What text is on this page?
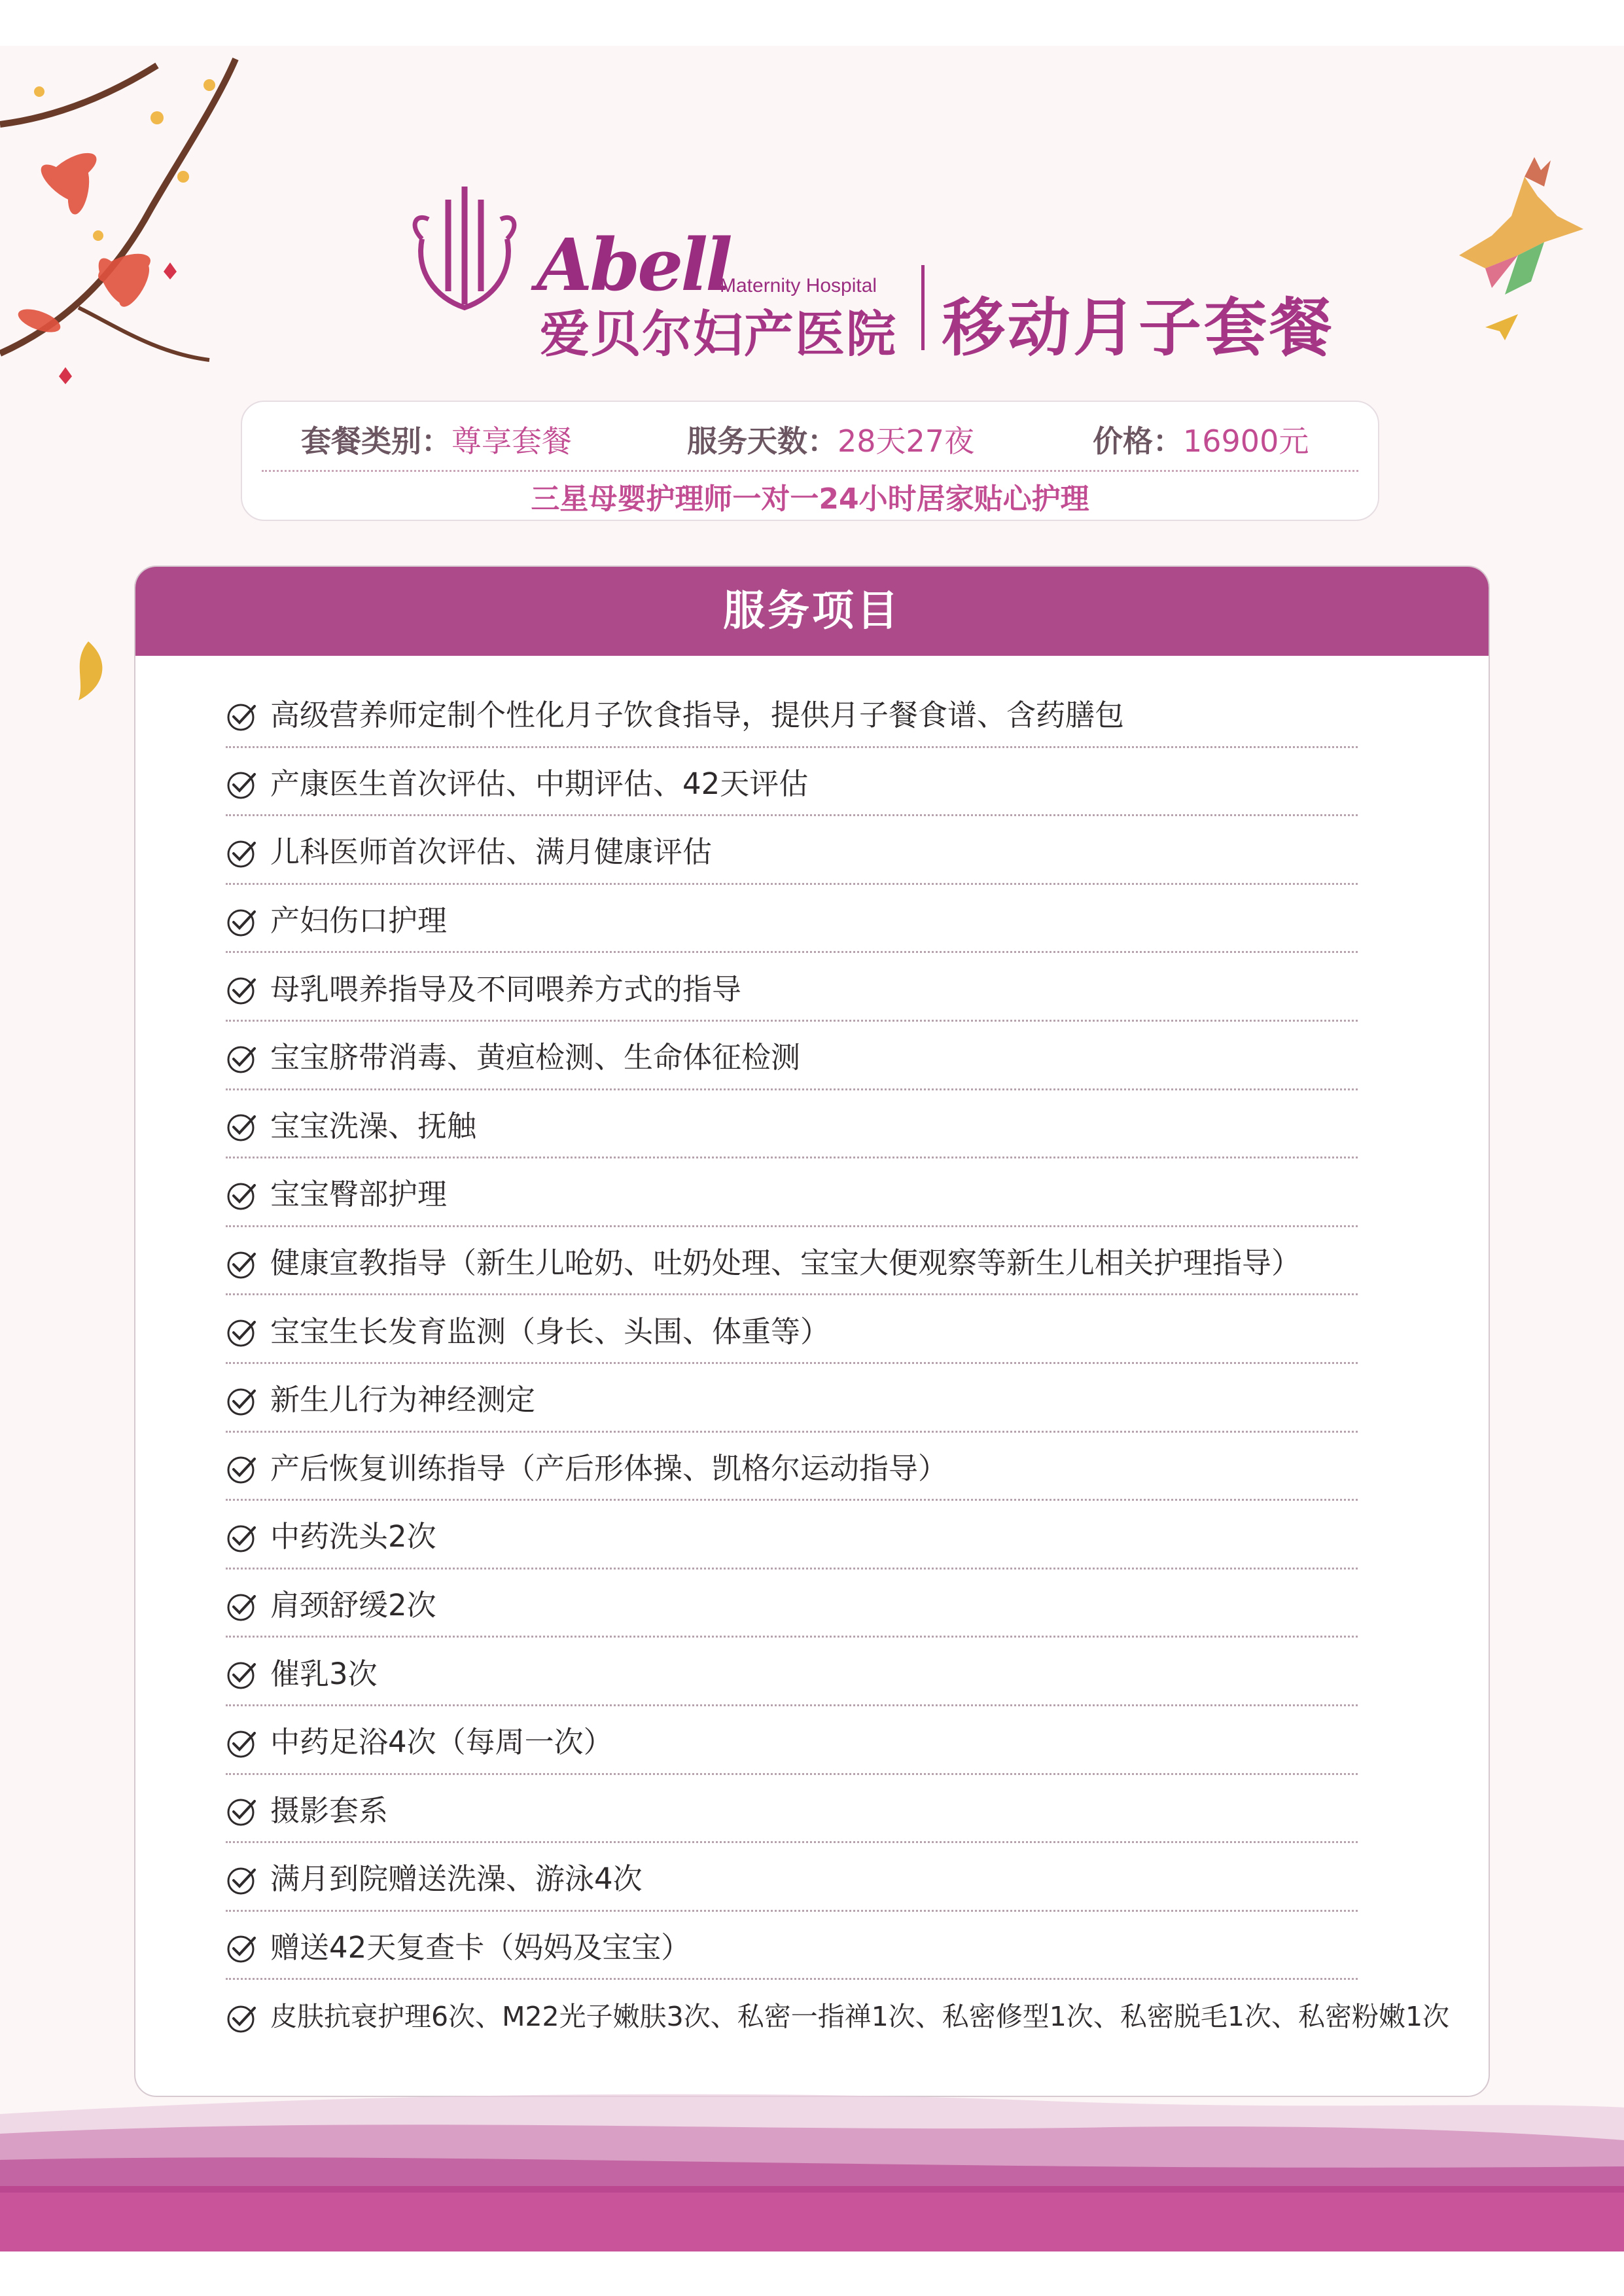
Abell
Maternity Hospital
爱贝尔妇产医院 移动月子套餐
套餐类别： 尊享套餐	服务天数： 28天27夜	价格： 16900元
三星母婴护理师一对一24小时居家贴心护理
服务项目
高级营养师定制个性化月子饮食指导，提供月子餐食谱、含药膳包
产康医生首次评估、中期评估、42天评估
儿科医师首次评估、满月健康评估
产妇伤口护理
母乳喂养指导及不同喂养方式的指导
宝宝脐带消毒、黄疸检测、生命体征检测
宝宝洗澡、抚触
宝宝臀部护理
健康宣教指导（新生儿呛奶、吐奶处理、宝宝大便观察等新生儿相关护理指导）
宝宝生长发育监测（身长、头围、体重等）
新生儿行为神经测定
产后恢复训练指导（产后形体操、凯格尔运动指导）
中药洗头2次
肩颈舒缓2次
催乳3次
中药足浴4次（每周一次）
摄影套系
满月到院赠送洗澡、游泳4次
赠送42天复查卡（妈妈及宝宝）
皮肤抗衰护理6次、M22光子嫩肤3次、私密一指禅1次、私密修型1次、私密脱毛1次、私密粉嫩1次
